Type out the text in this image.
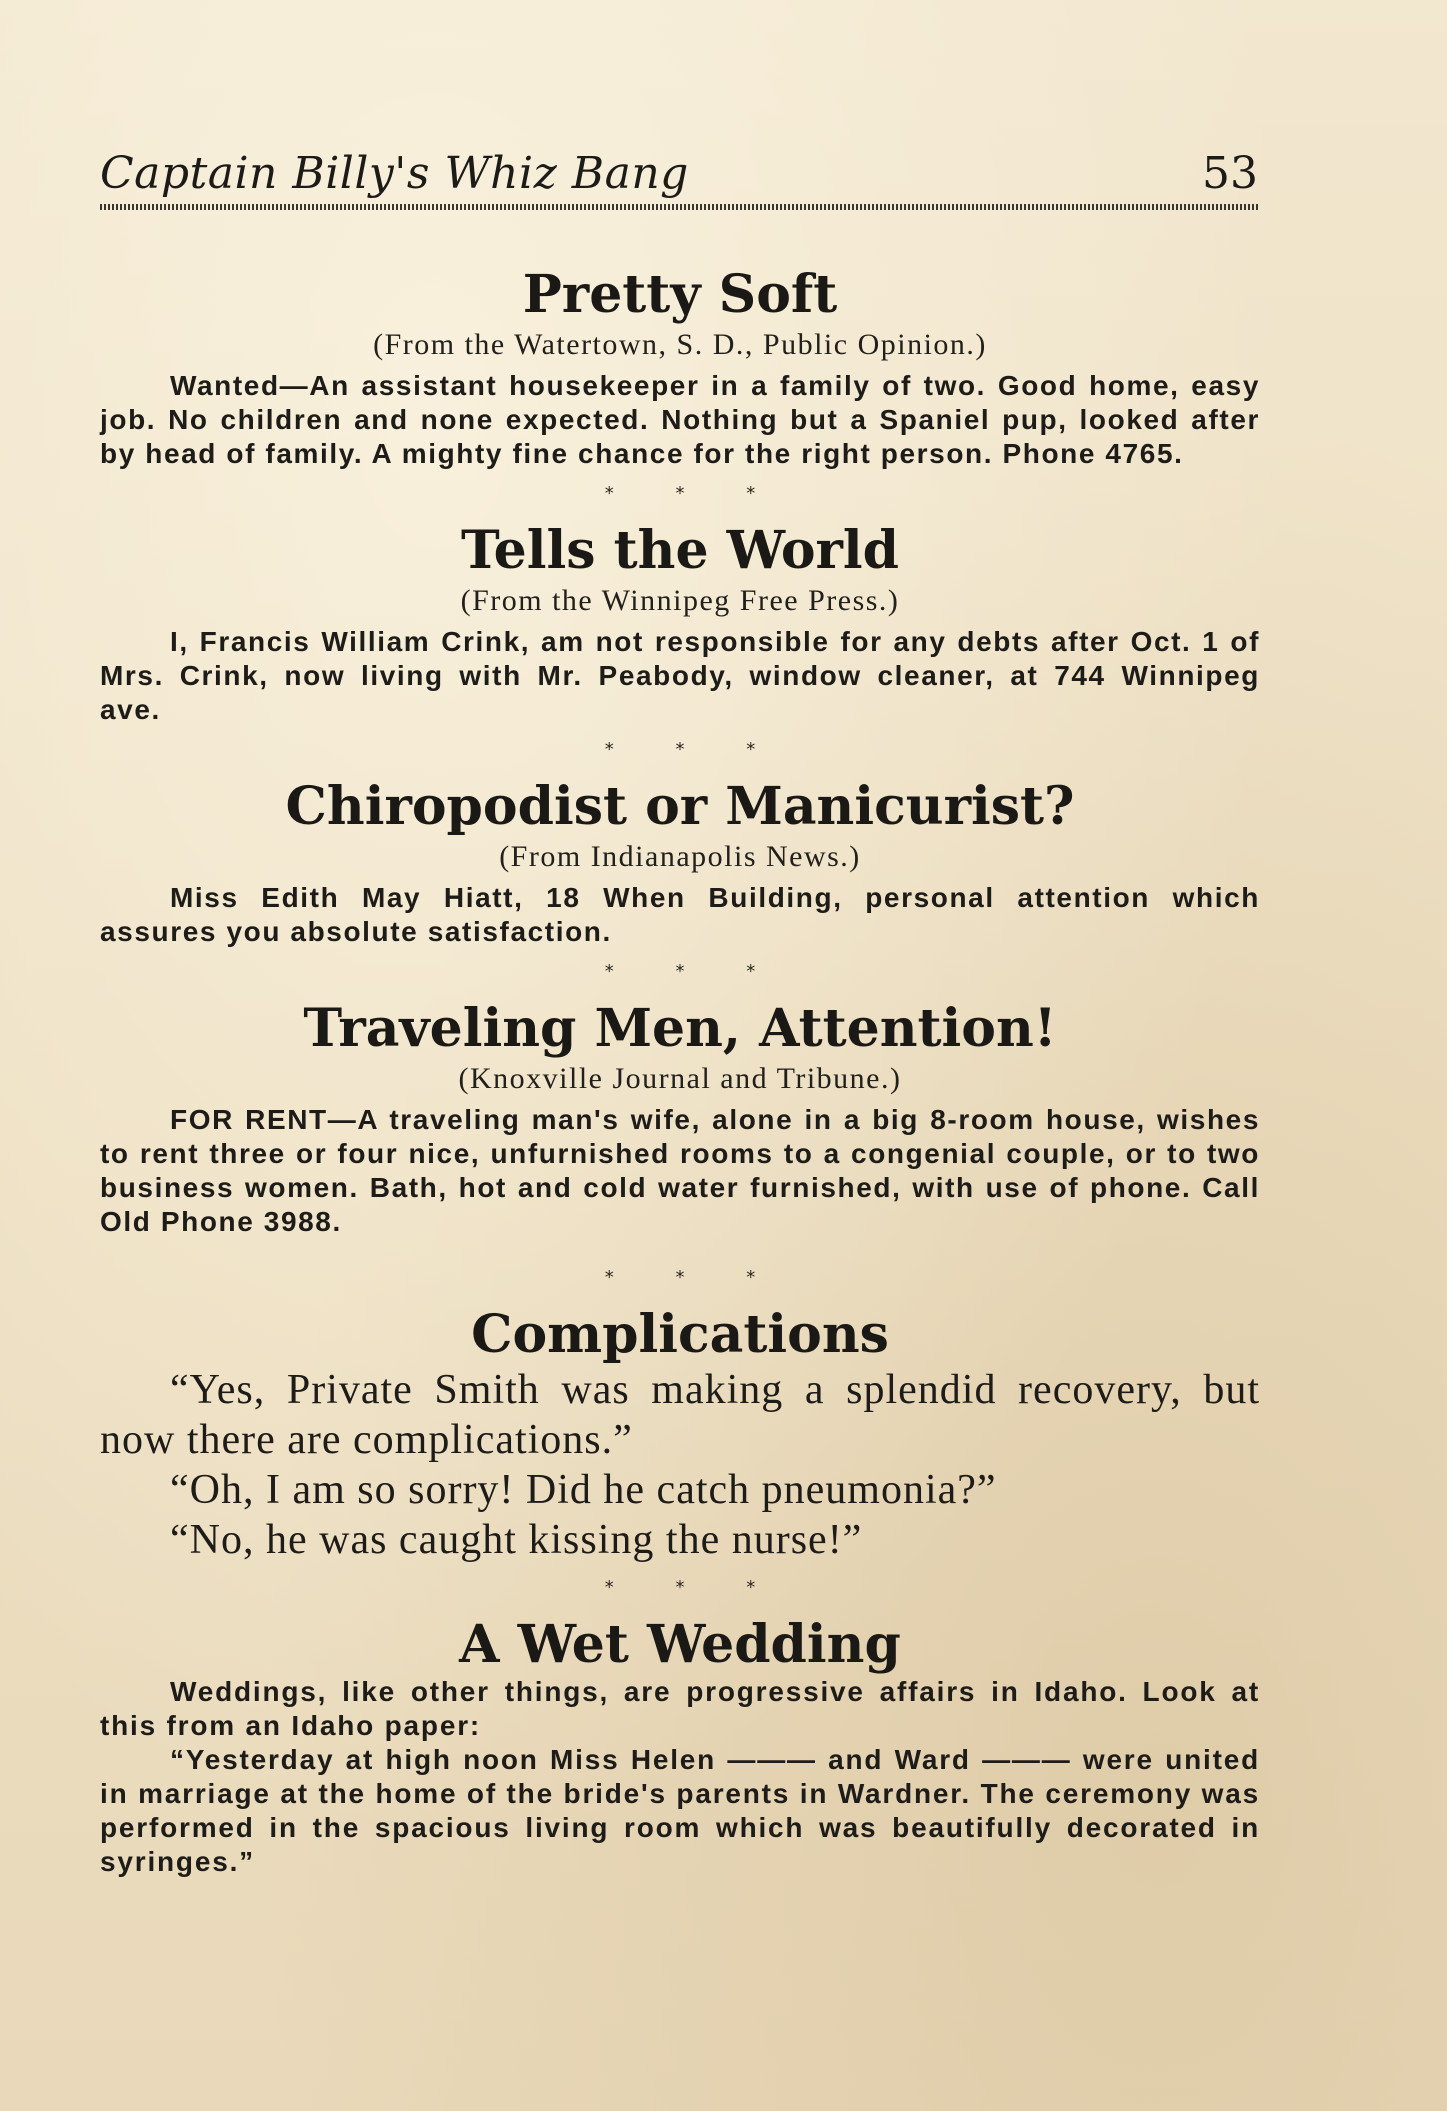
Captain Billy's Whiz Bang	53
Pretty Soft
(From the Watertown, S. D., Public Opinion.)

Wanted—An assistant housekeeper in a family of two. Good home, easy job. No children and none expected. Nothing but a Spaniel pup, looked after by head of family. A mighty fine chance for the right person. Phone 4765.

* * *
Tells the World
(From the Winnipeg Free Press.)

I, Francis William Crink, am not responsible for any debts after Oct. 1 of Mrs. Crink, now living with Mr. Peabody, window cleaner, at 744 Winnipeg ave.

* * *
Chiropodist or Manicurist?
(From Indianapolis News.)

Miss Edith May Hiatt, 18 When Building, personal attention which assures you absolute satisfaction.

* * *
Traveling Men, Attention!
(Knoxville Journal and Tribune.)

FOR RENT—A traveling man's wife, alone in a big 8-room house, wishes to rent three or four nice, unfurnished rooms to a congenial couple, or to two business women. Bath, hot and cold water furnished, with use of phone. Call Old Phone 3988.

* * *
Complications

“Yes, Private Smith was making a splendid recovery, but now there are complications.”

“Oh, I am so sorry! Did he catch pneumonia?”

“No, he was caught kissing the nurse!”

* * *
A Wet Wedding

Weddings, like other things, are progressive affairs in Idaho. Look at this from an Idaho paper:

“Yesterday at high noon Miss Helen ——— and Ward ——— were united in marriage at the home of the bride's parents in Wardner. The ceremony was performed in the spacious living room which was beautifully decorated in syringes.”
